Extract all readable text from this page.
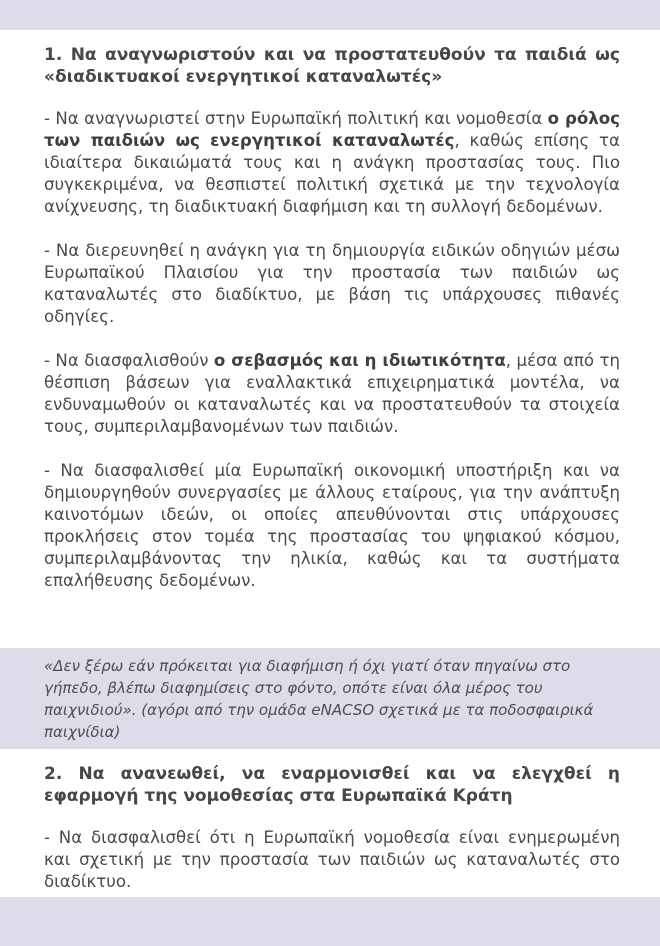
1. Να αναγνωριστούν και να προστατευθούν τα παιδιά ως «διαδικτυακοί ενεργητικοί καταναλωτές»

- Να αναγνωριστεί στην Ευρωπαϊκή πολιτική και νομοθεσία ο ρόλος των παιδιών ως ενεργητικοί καταναλωτές, καθώς επίσης τα ιδιαίτερα δικαιώματά τους και η ανάγκη προστασίας τους. Πιο συγκεκριμένα, να θεσπιστεί πολιτική σχετικά με την τεχνολογία ανίχνευσης, τη διαδικτυακή διαφήμιση και τη συλλογή δεδομένων.

- Να διερευνηθεί η ανάγκη για τη δημιουργία ειδικών οδηγιών μέσω Ευρωπαϊκού Πλαισίου για την προστασία των παιδιών ως καταναλωτές στο διαδίκτυο, με βάση τις υπάρχουσες πιθανές οδηγίες.

- Να διασφαλισθούν ο σεβασμός και η ιδιωτικότητα, μέσα από τη θέσπιση βάσεων για εναλλακτικά επιχειρηματικά μοντέλα, να ενδυναμωθούν οι καταναλωτές και να προστατευθούν τα στοιχεία τους, συμπεριλαμβανομένων των παιδιών.

- Να διασφαλισθεί μία Ευρωπαϊκή οικονομική υποστήριξη και να δημιουργηθούν συνεργασίες με άλλους εταίρους, για την ανάπτυξη καινοτόμων ιδεών, οι οποίες απευθύνονται στις υπάρχουσες προκλήσεις στον τομέα της προστασίας του ψηφιακού κόσμου, συμπεριλαμβάνοντας την ηλικία, καθώς και τα συστήματα επαλήθευσης δεδομένων.

«Δεν ξέρω εάν πρόκειται για διαφήμιση ή όχι γιατί όταν πηγαίνω στο γήπεδο, βλέπω διαφημίσεις στο φόντο, οπότε είναι όλα μέρος του παιχνιδιού». (αγόρι από την ομάδα eNACSO σχετικά με τα ποδοσφαιρικά παιχνίδια)
2. Να ανανεωθεί, να εναρμονισθεί και να ελεγχθεί η εφαρμογή της νομοθεσίας στα Ευρωπαϊκά Κράτη

- Να διασφαλισθεί ότι η Ευρωπαϊκή νομοθεσία είναι ενημερωμένη και σχετική με την προστασία των παιδιών ως καταναλωτές στο διαδίκτυο.
